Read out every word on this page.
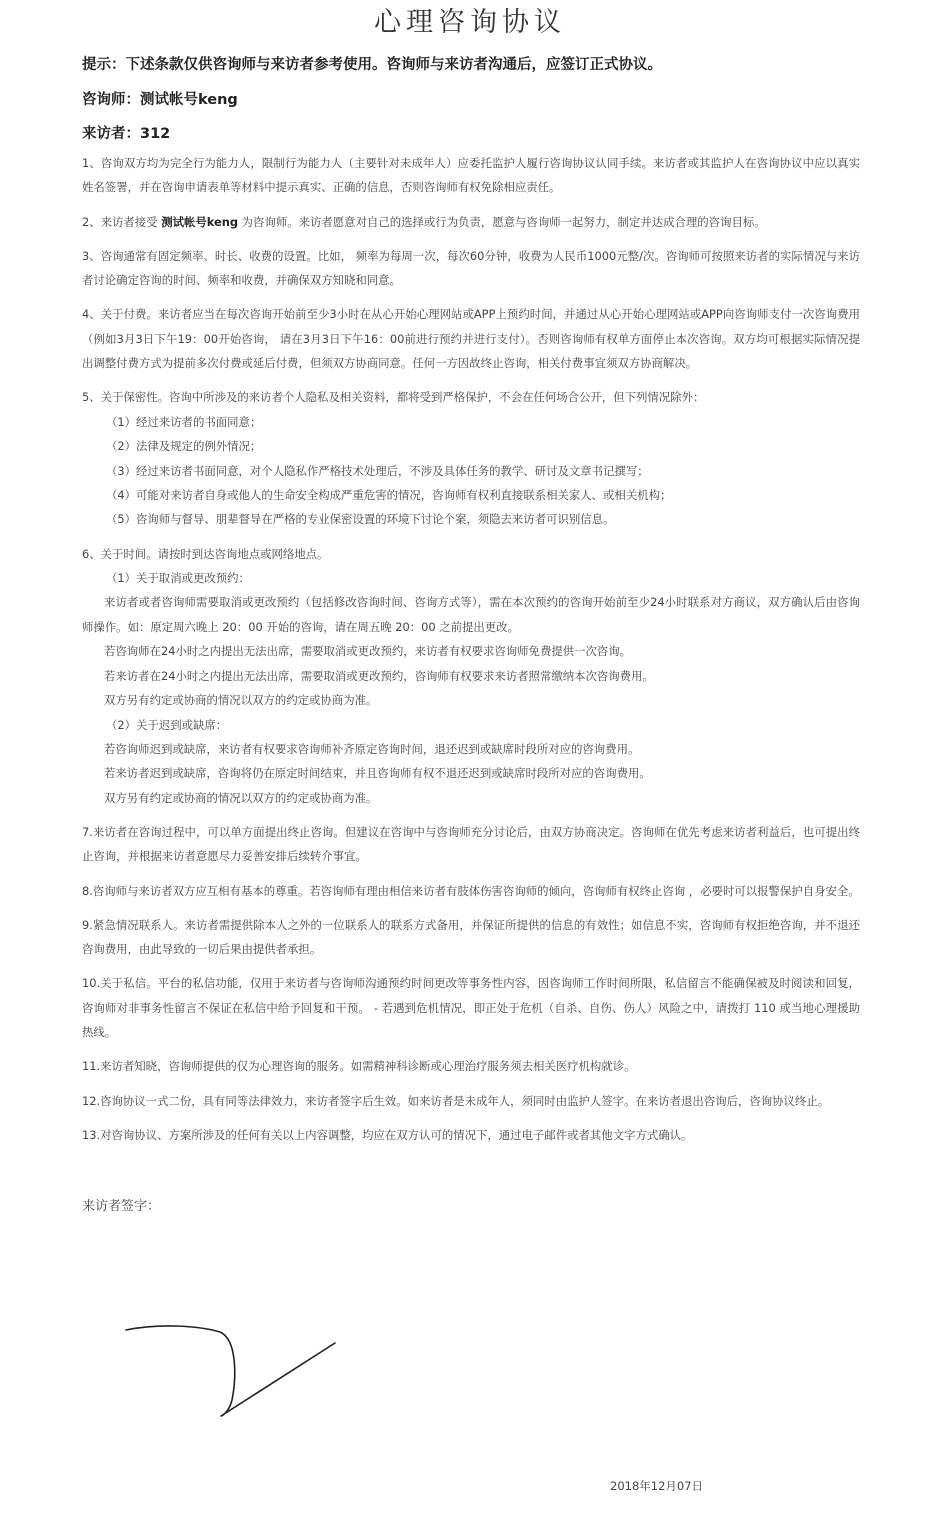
心理咨询协议
提示：下述条款仅供咨询师与来访者参考使用。咨询师与来访者沟通后，应签订正式协议。
咨询师：测试帐号keng
来访者：312

1、咨询双方均为完全行为能力人，限制行为能力人（主要针对未成年人）应委托监护人履行咨询协议认同手续。来访者或其监护人在咨询协议中应以真实姓名签署，并在咨询申请表单等材料中提示真实、正确的信息，否则咨询师有权免除相应责任。

2、来访者接受 测试帐号keng 为咨询师。来访者愿意对自己的选择或行为负责，愿意与咨询师一起努力，制定并达成合理的咨询目标。

3、咨询通常有固定频率、时长、收费的设置。比如， 频率为每周一次，每次60分钟，收费为人民币1000元整/次。咨询师可按照来访者的实际情况与来访者讨论确定咨询的时间、频率和收费，并确保双方知晓和同意。

4、关于付费。来访者应当在每次咨询开始前至少3小时在从心开始心理网站或APP上预约时间，并通过从心开始心理网站或APP向咨询师支付一次咨询费用（例如3月3日下午19：00开始咨询， 请在3月3日下午16：00前进行预约并进行支付）。否则咨询师有权单方面停止本次咨询。双方均可根据实际情况提出调整付费方式为提前多次付费或延后付费，但须双方协商同意。任何一方因故终止咨询，相关付费事宜须双方协商解决。

5、关于保密性。咨询中所涉及的来访者个人隐私及相关资料，都将受到严格保护，不会在任何场合公开，但下列情况除外：

（1）经过来访者的书面同意；

（2）法律及规定的例外情况；

（3）经过来访者书面同意，对个人隐私作严格技术处理后，不涉及具体任务的教学、研讨及文章书记撰写；

（4）可能对来访者自身或他人的生命安全构成严重危害的情况，咨询师有权利直接联系相关家人、或相关机构；

（5）咨询师与督导、朋辈督导在严格的专业保密设置的环境下讨论个案，须隐去来访者可识别信息。

6、关于时间。请按时到达咨询地点或网络地点。

（1）关于取消或更改预约：

来访者或者咨询师需要取消或更改预约（包括修改咨询时间、咨询方式等），需在本次预约的咨询开始前至少24小时联系对方商议，双方确认后由咨询师操作。如：原定周六晚上 20：00 开始的咨询，请在周五晚 20：00 之前提出更改。

若咨询师在24小时之内提出无法出席，需要取消或更改预约，来访者有权要求咨询师免费提供一次咨询。

若来访者在24小时之内提出无法出席，需要取消或更改预约，咨询师有权要求来访者照常缴纳本次咨询费用。

双方另有约定或协商的情况以双方的约定或协商为准。

（2）关于迟到或缺席：

若咨询师迟到或缺席，来访者有权要求咨询师补齐原定咨询时间，退还迟到或缺席时段所对应的咨询费用。

若来访者迟到或缺席，咨询将仍在原定时间结束，并且咨询师有权不退还迟到或缺席时段所对应的咨询费用。

双方另有约定或协商的情况以双方的约定或协商为准。

7.来访者在咨询过程中，可以单方面提出终止咨询。但建议在咨询中与咨询师充分讨论后，由双方协商决定。咨询师在优先考虑来访者利益后，也可提出终止咨询，并根据来访者意愿尽力妥善安排后续转介事宜。

8.咨询师与来访者双方应互相有基本的尊重。若咨询师有理由相信来访者有肢体伤害咨询师的倾向，咨询师有权终止咨询 ，必要时可以报警保护自身安全。

9.紧急情况联系人。来访者需提供除本人之外的一位联系人的联系方式备用，并保证所提供的信息的有效性；如信息不实，咨询师有权拒绝咨询，并不退还咨询费用，由此导致的一切后果由提供者承担。

10.关于私信。平台的私信功能，仅用于来访者与咨询师沟通预约时间更改等事务性内容，因咨询师工作时间所限，私信留言不能确保被及时阅读和回复，咨询师对非事务性留言不保证在私信中给予回复和干预。 - 若遇到危机情况，即正处于危机（自杀、自伤、伤人）风险之中，请拨打 110 或当地心理援助热线。

11.来访者知晓，咨询师提供的仅为心理咨询的服务。如需精神科诊断或心理治疗服务须去相关医疗机构就诊。

12.咨询协议一式二份，具有同等法律效力，来访者签字后生效。如来访者是未成年人，须同时由监护人签字。在来访者退出咨询后，咨询协议终止。

13.对咨询协议、方案所涉及的任何有关以上内容调整，均应在双方认可的情况下，通过电子邮件或者其他文字方式确认。

来访者签字：
2018年12月07日
